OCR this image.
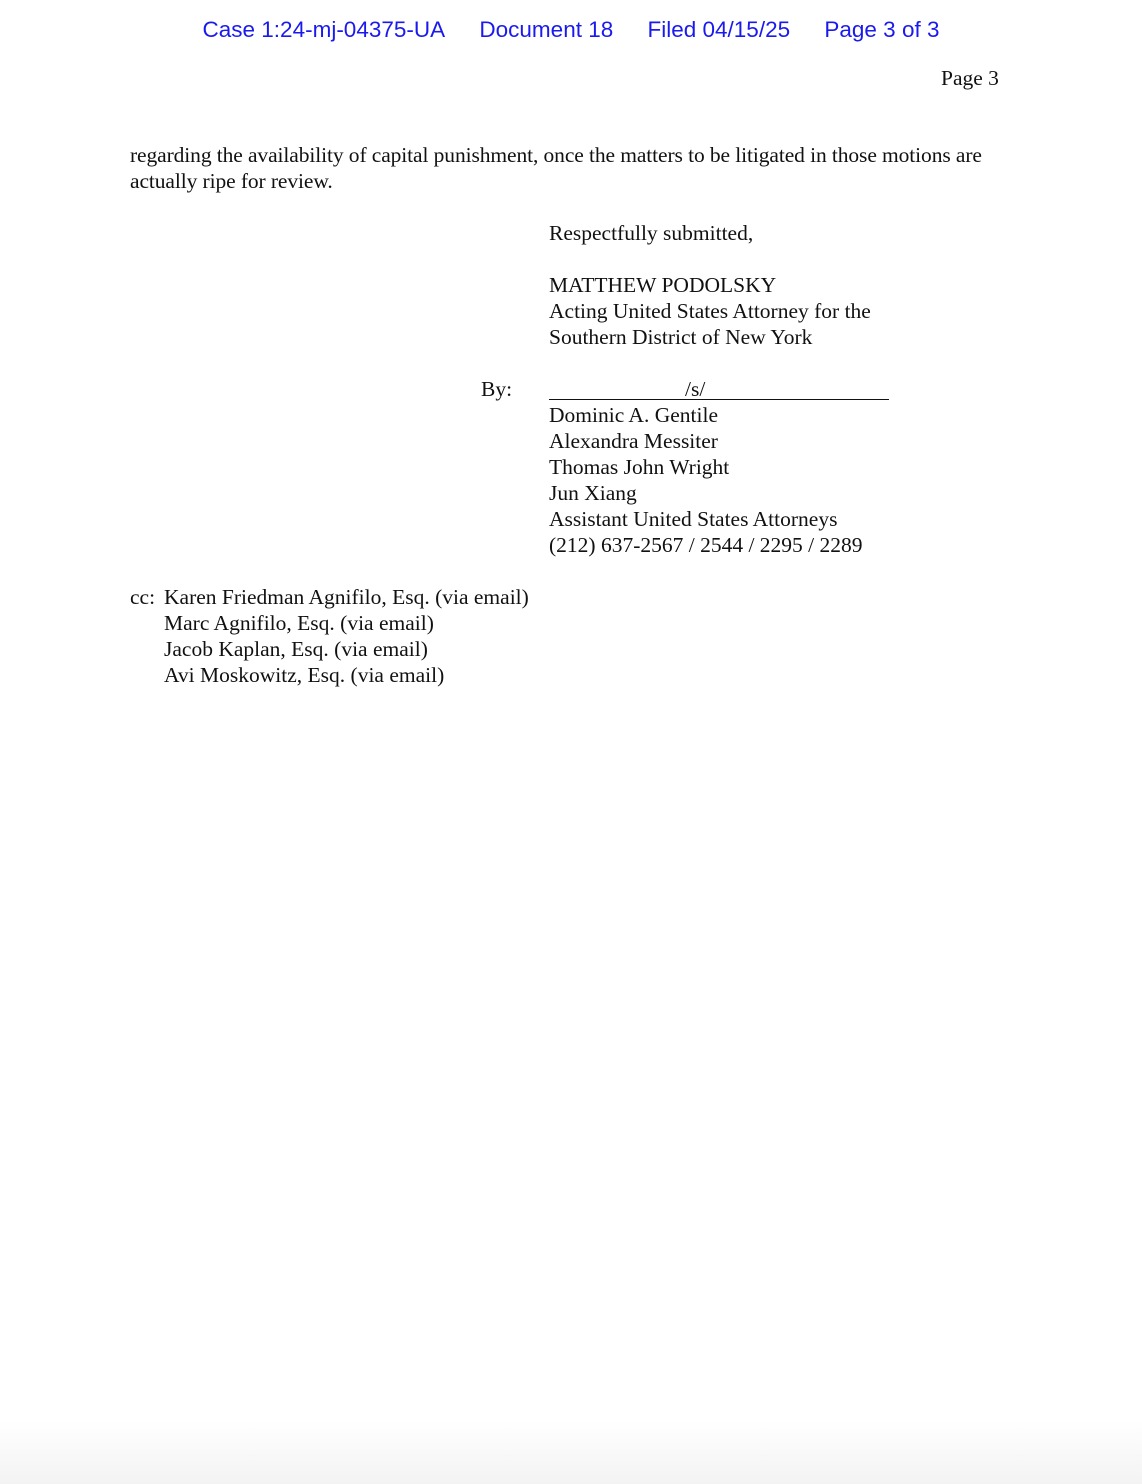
Case 1:24-mj-04375-UA Document 18 Filed 04/15/25 Page 3 of 3
Page 3

regarding the availability of capital punishment, once the matters to be litigated in those motions are actually ripe for review.

Respectfully submitted,
MATTHEW PODOLSKY
Acting United States Attorney for the
Southern District of New York
By:	/s/
Dominic A. Gentile
Alexandra Messiter
Thomas John Wright
Jun Xiang
Assistant United States Attorneys
(212) 637-2567 / 2544 / 2295 / 2289
cc: Karen Friedman Agnifilo, Esq. (via email)
Marc Agnifilo, Esq. (via email)
Jacob Kaplan, Esq. (via email)
Avi Moskowitz, Esq. (via email)
